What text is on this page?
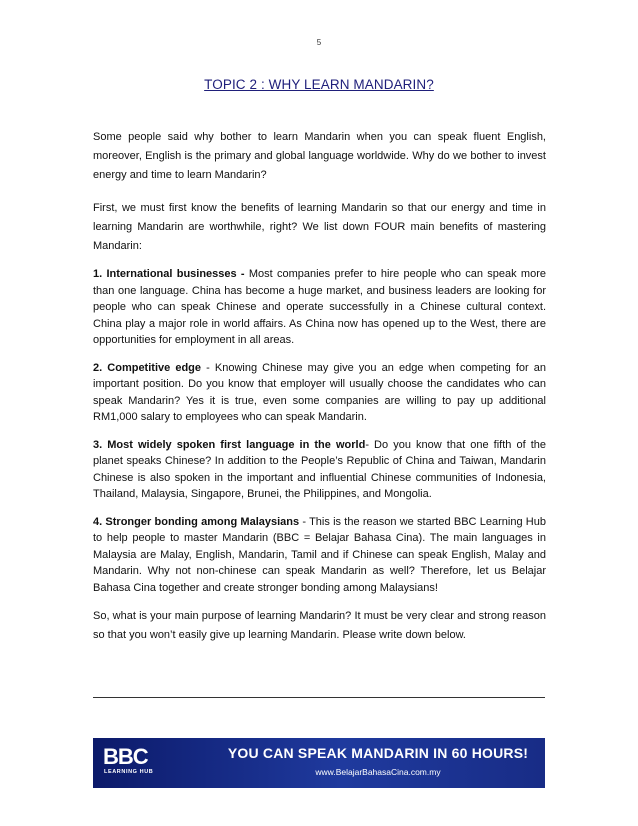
5
TOPIC 2 : WHY LEARN MANDARIN?

Some people said why bother to learn Mandarin when you can speak fluent English, moreover, English is the primary and global language worldwide. Why do we bother to invest energy and time to learn Mandarin?

First, we must first know the benefits of learning Mandarin so that our energy and time in learning Mandarin are worthwhile, right? We list down FOUR main benefits of mastering Mandarin:

1. International businesses - Most companies prefer to hire people who can speak more than one language. China has become a huge market, and business leaders are looking for people who can speak Chinese and operate successfully in a Chinese cultural context. China play a major role in world affairs. As China now has opened up to the West, there are opportunities for employment in all areas.

2. Competitive edge - Knowing Chinese may give you an edge when competing for an important position. Do you know that employer will usually choose the candidates who can speak Mandarin? Yes it is true, even some companies are willing to pay up additional RM1,000 salary to employees who can speak Mandarin.

3. Most widely spoken first language in the world- Do you know that one fifth of the planet speaks Chinese? In addition to the People’s Republic of China and Taiwan, Mandarin Chinese is also spoken in the important and influential Chinese communities of Indonesia, Thailand, Malaysia, Singapore, Brunei, the Philippines, and Mongolia.

4. Stronger bonding among Malaysians - This is the reason we started BBC Learning Hub to help people to master Mandarin (BBC = Belajar Bahasa Cina). The main languages in Malaysia are Malay, English, Mandarin, Tamil and if Chinese can speak English, Malay and Mandarin. Why not non-chinese can speak Mandarin as well? Therefore, let us Belajar Bahasa Cina together and create stronger bonding among Malaysians!

So, what is your main purpose of learning Mandarin? It must be very clear and strong reason so that you won’t easily give up learning Mandarin. Please write down below.

BBC
LEARNING HUB
YOU CAN SPEAK MANDARIN IN 60 HOURS!
www.BelajarBahasaCina.com.my
